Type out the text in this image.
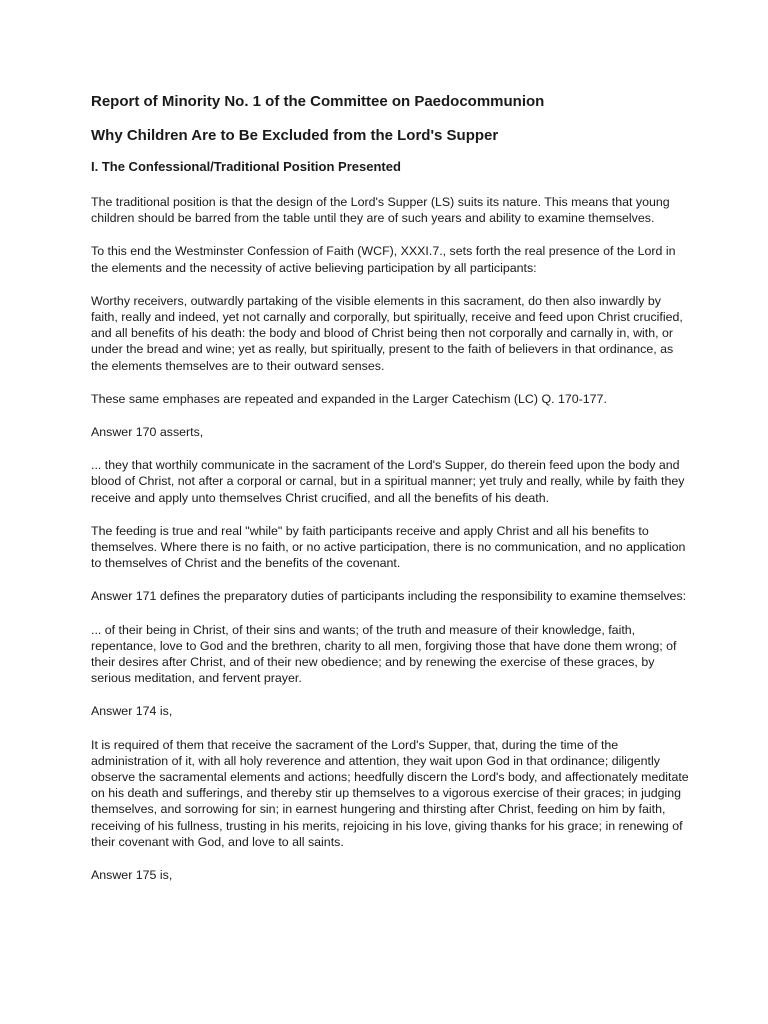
Report of Minority No. 1 of the Committee on Paedocommunion
Why Children Are to Be Excluded from the Lord's Supper
I. The Confessional/Traditional Position Presented

The traditional position is that the design of the Lord's Supper (LS) suits its nature. This means that young children should be barred from the table until they are of such years and ability to examine themselves.

To this end the Westminster Confession of Faith (WCF), XXXI.7., sets forth the real presence of the Lord in the elements and the necessity of active believing participation by all participants:

Worthy receivers, outwardly partaking of the visible elements in this sacrament, do then also inwardly by faith, really and indeed, yet not carnally and corporally, but spiritually, receive and feed upon Christ crucified, and all benefits of his death: the body and blood of Christ being then not corporally and carnally in, with, or under the bread and wine; yet as really, but spiritually, present to the faith of believers in that ordinance, as the elements themselves are to their outward senses.

These same emphases are repeated and expanded in the Larger Catechism (LC) Q. 170-177.

Answer 170 asserts,

... they that worthily communicate in the sacrament of the Lord's Supper, do therein feed upon the body and blood of Christ, not after a corporal or carnal, but in a spiritual manner; yet truly and really, while by faith they receive and apply unto themselves Christ crucified, and all the benefits of his death.

The feeding is true and real "while" by faith participants receive and apply Christ and all his benefits to themselves. Where there is no faith, or no active participation, there is no communication, and no application to themselves of Christ and the benefits of the covenant.

Answer 171 defines the preparatory duties of participants including the responsibility to examine themselves:

... of their being in Christ, of their sins and wants; of the truth and measure of their knowledge, faith, repentance, love to God and the brethren, charity to all men, forgiving those that have done them wrong; of their desires after Christ, and of their new obedience; and by renewing the exercise of these graces, by serious meditation, and fervent prayer.

Answer 174 is,

It is required of them that receive the sacrament of the Lord's Supper, that, during the time of the administration of it, with all holy reverence and attention, they wait upon God in that ordinance; diligently observe the sacramental elements and actions; heedfully discern the Lord's body, and affectionately meditate on his death and sufferings, and thereby stir up themselves to a vigorous exercise of their graces; in judging themselves, and sorrowing for sin; in earnest hungering and thirsting after Christ, feeding on him by faith, receiving of his fullness, trusting in his merits, rejoicing in his love, giving thanks for his grace; in renewing of their covenant with God, and love to all saints.

Answer 175 is,
